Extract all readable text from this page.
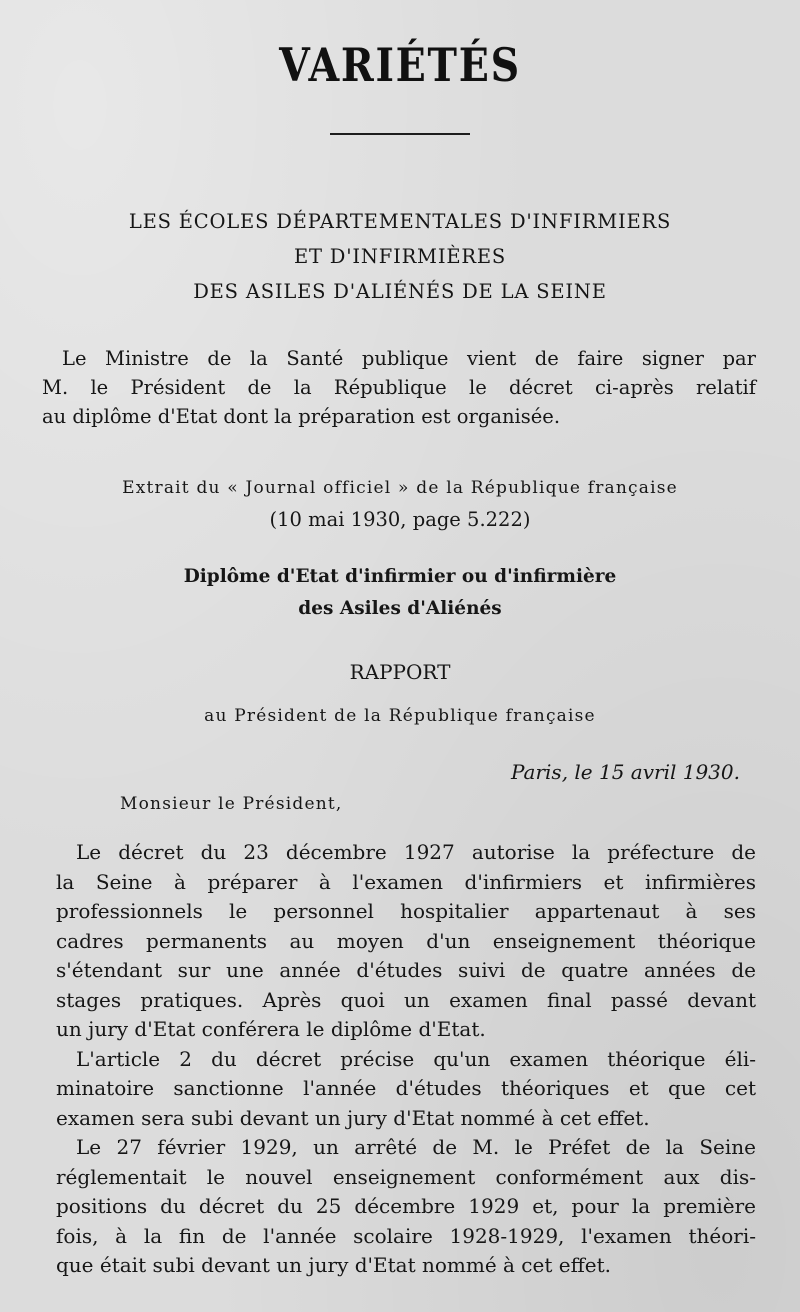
VARIÉTÉS
LES ÉCOLES DÉPARTEMENTALES D'INFIRMIERS
ET D'INFIRMIÈRES
DES ASILES D'ALIÉNÉS DE LA SEINE
Le Ministre de la Santé publique vient de faire signer par
M. le Président de la République le décret ci-après relatif
au diplôme d'Etat dont la préparation est organisée.
Extrait du « Journal officiel » de la République française
(10 mai 1930, page 5.222)
Diplôme d'Etat d'infirmier ou d'infirmière
des Asiles d'Aliénés
RAPPORT
au Président de la République française
Paris, le 15 avril 1930.
Monsieur le Président,
Le décret du 23 décembre 1927 autorise la préfecture de
la Seine à préparer à l'examen d'infirmiers et infirmières
professionnels le personnel hospitalier appartenaut à ses
cadres permanents au moyen d'un enseignement théorique
s'étendant sur une année d'études suivi de quatre années de
stages pratiques. Après quoi un examen final passé devant
un jury d'Etat conférera le diplôme d'Etat.
L'article 2 du décret précise qu'un examen théorique éli-
minatoire sanctionne l'année d'études théoriques et que cet
examen sera subi devant un jury d'Etat nommé à cet effet.
Le 27 février 1929, un arrêté de M. le Préfet de la Seine
réglementait le nouvel enseignement conformément aux dis-
positions du décret du 25 décembre 1929 et, pour la première
fois, à la fin de l'année scolaire 1928-1929, l'examen théori-
que était subi devant un jury d'Etat nommé à cet effet.
